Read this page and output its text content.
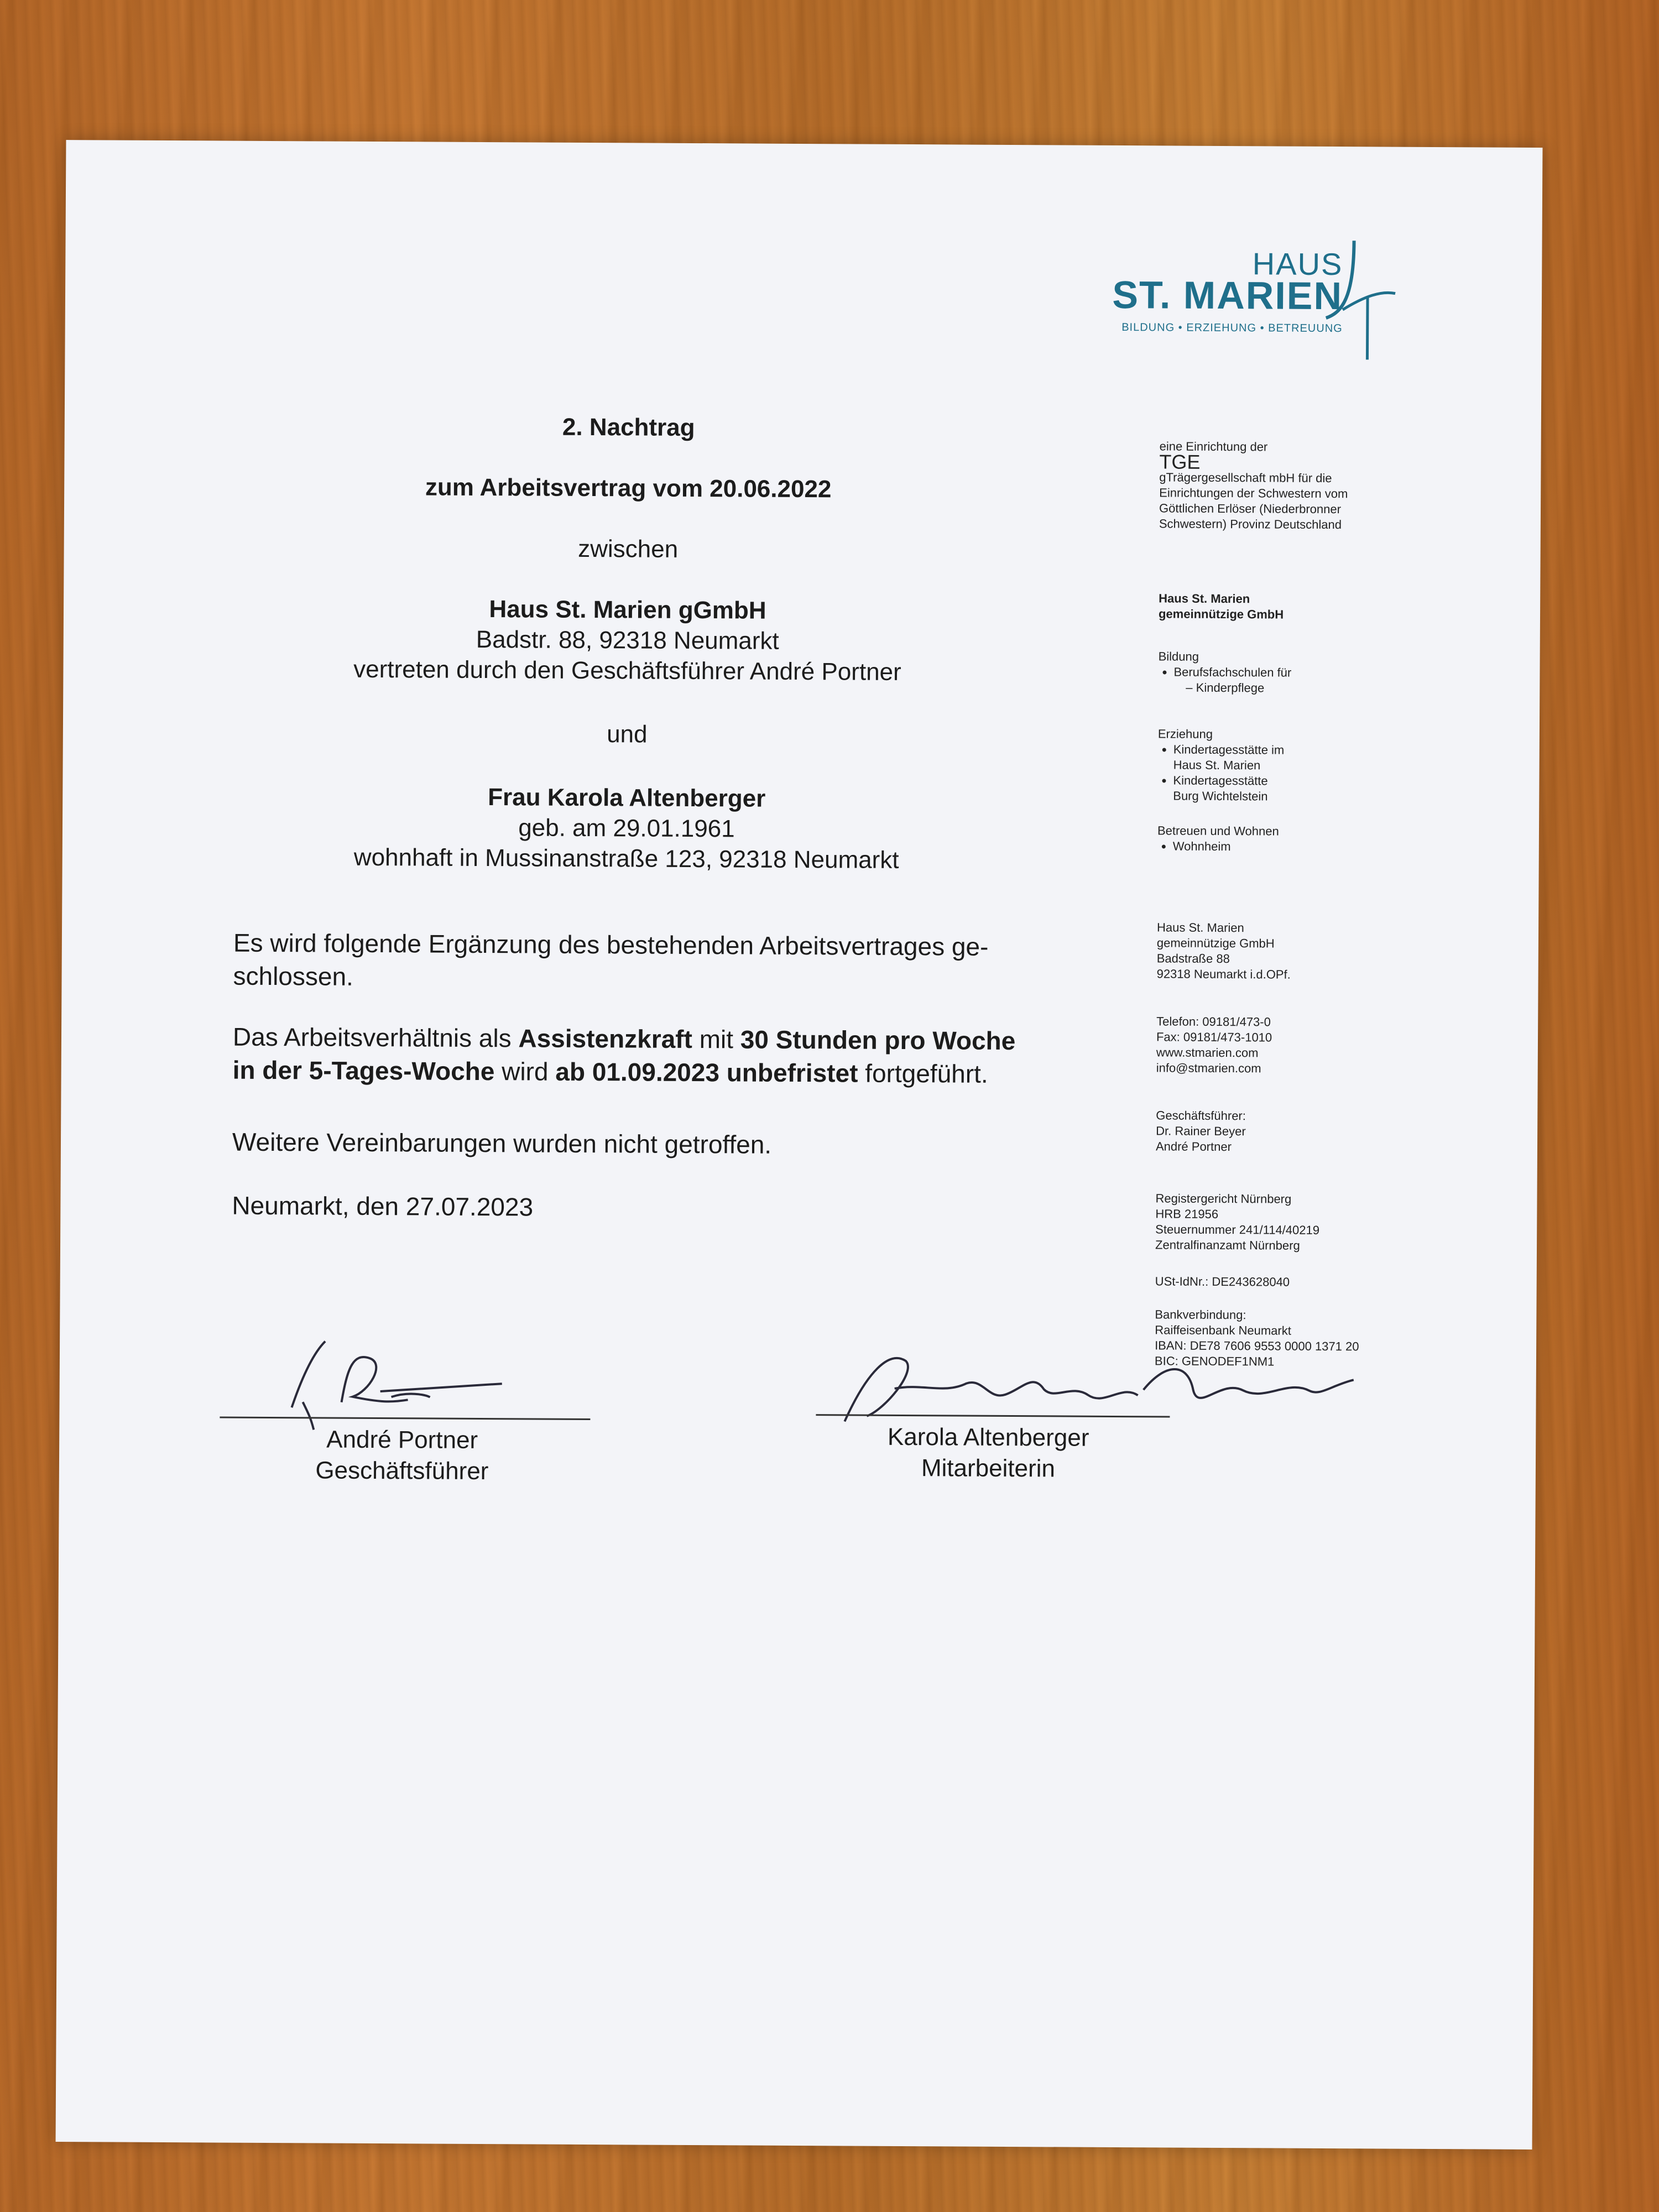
HAUS
ST. MARIEN
BILDUNG • ERZIEHUNG • BETREUUNG
2. Nachtrag
zum Arbeitsvertrag vom 20.06.2022
zwischen
Haus St. Marien gGmbH
Badstr. 88, 92318 Neumarkt
vertreten durch den Geschäftsführer André Portner
und
Frau Karola Altenberger
geb. am 29.01.1961
wohnhaft in Mussinanstraße 123, 92318 Neumarkt
Es wird folgende Ergänzung des bestehenden Arbeitsvertrages ge-
schlossen.
Das Arbeitsverhältnis als Assistenzkraft mit 30 Stunden pro Woche
in der 5-Tages-Woche wird ab 01.09.2023 unbefristet fortgeführt.
Weitere Vereinbarungen wurden nicht getroffen.
Neumarkt, den 27.07.2023
eine Einrichtung der
TGE
gTrägergesellschaft mbH für die
Einrichtungen der Schwestern vom
Göttlichen Erlöser (Niederbronner
Schwestern) Provinz Deutschland
Haus St. Marien
gemeinnützige GmbH
Bildung
• Berufsfachschulen für
– Kinderpflege
Erziehung
• Kindertagesstätte im
Haus St. Marien
• Kindertagesstätte
Burg Wichtelstein
Betreuen und Wohnen
• Wohnheim
Haus St. Marien
gemeinnützige GmbH
Badstraße 88
92318 Neumarkt i.d.OPf.
Telefon: 09181/473-0
Fax: 09181/473-1010
www.stmarien.com
info@stmarien.com
Geschäftsführer:
Dr. Rainer Beyer
André Portner
Registergericht Nürnberg
HRB 21956
Steuernummer 241/114/40219
Zentralfinanzamt Nürnberg
USt-IdNr.: DE243628040
Bankverbindung:
Raiffeisenbank Neumarkt
IBAN: DE78 7606 9553 0000 1371 20
BIC: GENODEF1NM1
André Portner
Geschäftsführer
Karola Altenberger
Mitarbeiterin
